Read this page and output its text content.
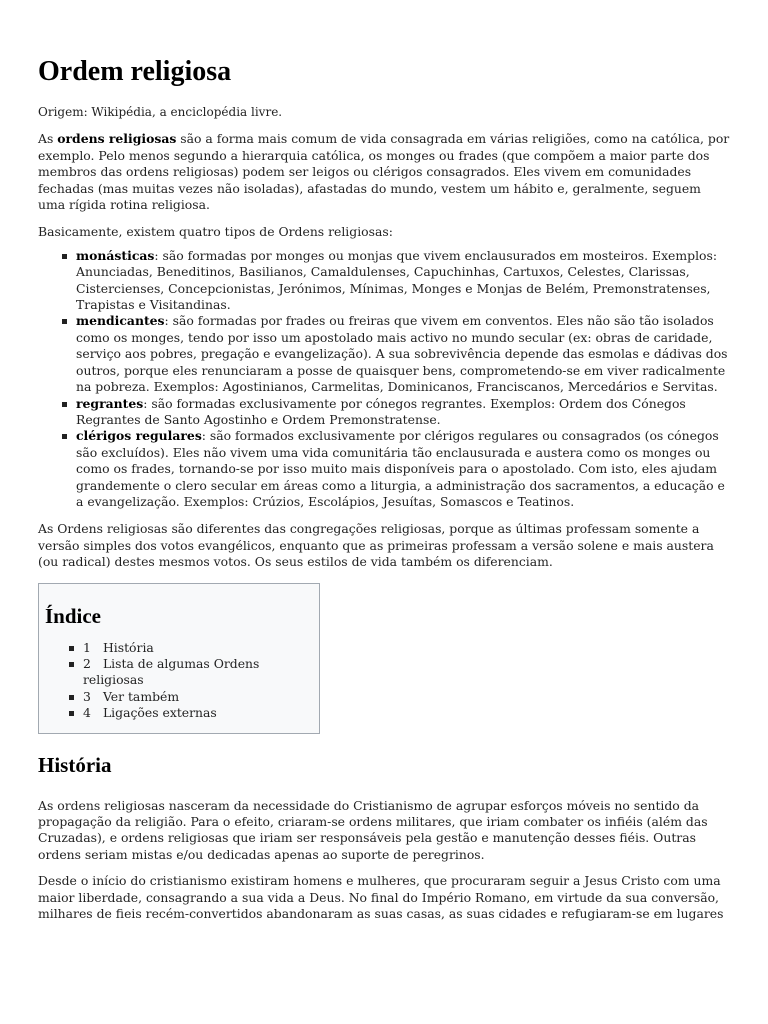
Ordem religiosa

Origem: Wikipédia, a enciclopédia livre.

As ordens religiosas são a forma mais comum de vida consagrada em várias religiões, como na católica, por exemplo. Pelo menos segundo a hierarquia católica, os monges ou frades (que compõem a maior parte dos membros das ordens religiosas) podem ser leigos ou clérigos consagrados. Eles vivem em comunidades fechadas (mas muitas vezes não isoladas), afastadas do mundo, vestem um hábito e, geralmente, seguem uma rígida rotina religiosa.

Basicamente, existem quatro tipos de Ordens religiosas:

monásticas: são formadas por monges ou monjas que vivem enclausurados em mosteiros. Exemplos: Anunciadas, Beneditinos, Basilianos, Camaldulenses, Capuchinhas, Cartuxos, Celestes, Clarissas, Cistercienses, Concepcionistas, Jerónimos, Mínimas, Monges e Monjas de Belém, Premonstratenses, Trapistas e Visitandinas.
mendicantes: são formadas por frades ou freiras que vivem em conventos. Eles não são tão isolados como os monges, tendo por isso um apostolado mais activo no mundo secular (ex: obras de caridade, serviço aos pobres, pregação e evangelização). A sua sobrevivência depende das esmolas e dádivas dos outros, porque eles renunciaram a posse de quaisquer bens, comprometendo-se em viver radicalmente na pobreza. Exemplos: Agostinianos, Carmelitas, Dominicanos, Franciscanos, Mercedários e Servitas.
regrantes: são formadas exclusivamente por cónegos regrantes. Exemplos: Ordem dos Cónegos Regrantes de Santo Agostinho e Ordem Premonstratense.
clérigos regulares: são formados exclusivamente por clérigos regulares ou consagrados (os cónegos são excluídos). Eles não vivem uma vida comunitária tão enclausurada e austera como os monges ou como os frades, tornando-se por isso muito mais disponíveis para o apostolado. Com isto, eles ajudam grandemente o clero secular em áreas como a liturgia, a administração dos sacramentos, a educação e a evangelização. Exemplos: Crúzios, Escolápios, Jesuítas, Somascos e Teatinos.

As Ordens religiosas são diferentes das congregações religiosas, porque as últimas professam somente a versão simples dos votos evangélicos, enquanto que as primeiras professam a versão solene e mais austera (ou radical) destes mesmos votos. Os seus estilos de vida também os diferenciam.

Índice
1 História
2 Lista de algumas Ordens religiosas
3 Ver também
4 Ligações externas
História

As ordens religiosas nasceram da necessidade do Cristianismo de agrupar esforços móveis no sentido da propagação da religião. Para o efeito, criaram-se ordens militares, que iriam combater os infiéis (além das Cruzadas), e ordens religiosas que iriam ser responsáveis pela gestão e manutenção desses fiéis. Outras ordens seriam mistas e/ou dedicadas apenas ao suporte de peregrinos.

Desde o início do cristianismo existiram homens e mulheres, que procuraram seguir a Jesus Cristo com uma maior liberdade, consagrando a sua vida a Deus. No final do Império Romano, em virtude da sua conversão, milhares de fieis recém-convertidos abandonaram as suas casas, as suas cidades e refugiaram-se em lugares
